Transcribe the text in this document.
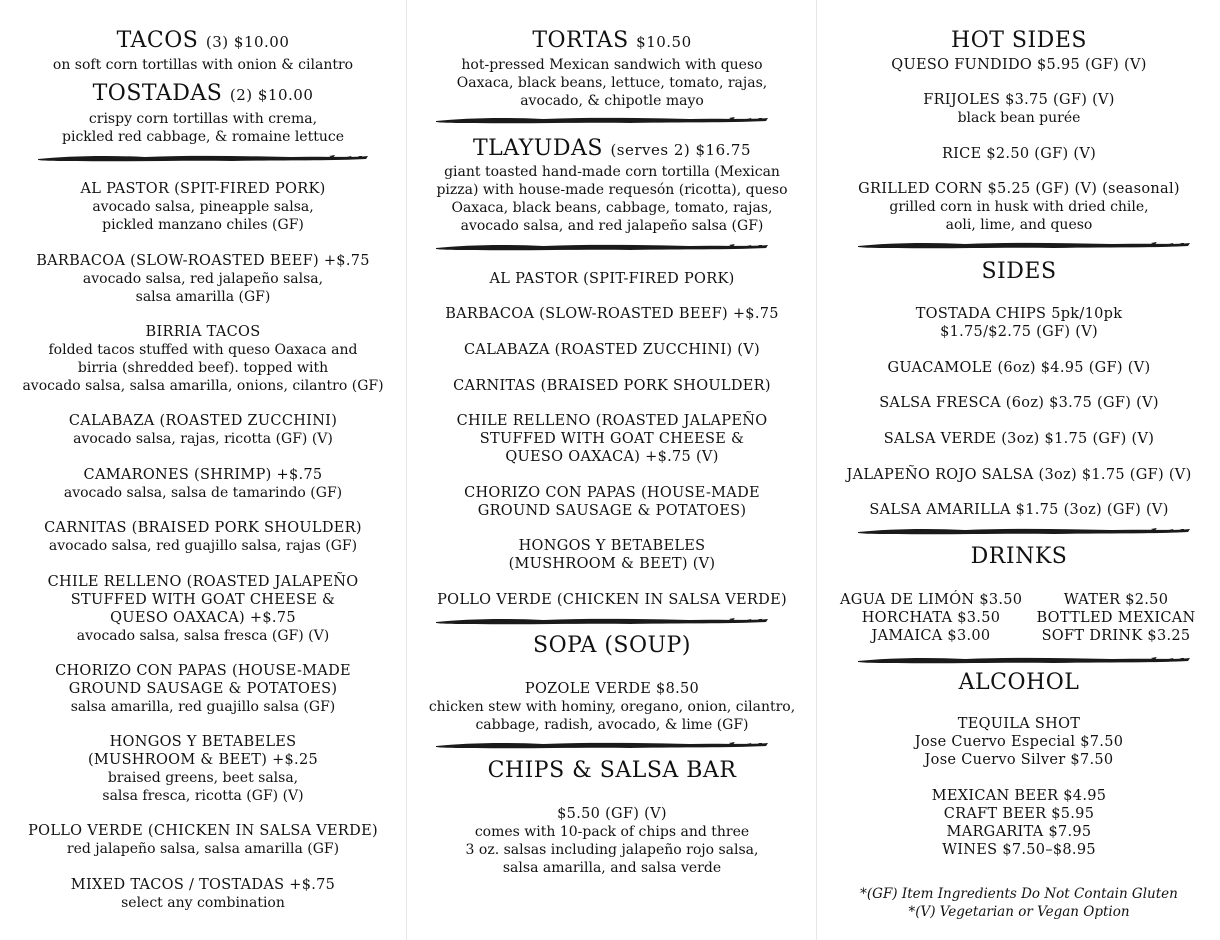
TACOS (3) $10.00
on soft corn tortillas with onion & cilantro
TOSTADAS (2) $10.00
crispy corn tortillas with crema,
pickled red cabbage, & romaine lettuce
AL PASTOR (SPIT-FIRED PORK)
avocado salsa, pineapple salsa,
pickled manzano chiles (GF)
BARBACOA (SLOW-ROASTED BEEF) +$.75
avocado salsa, red jalapeño salsa,
salsa amarilla (GF)
BIRRIA TACOS
folded tacos stuffed with queso Oaxaca and
birria (shredded beef). topped with
avocado salsa, salsa amarilla, onions, cilantro (GF)
CALABAZA (ROASTED ZUCCHINI)
avocado salsa, rajas, ricotta (GF) (V)
CAMARONES (SHRIMP) +$.75
avocado salsa, salsa de tamarindo (GF)
CARNITAS (BRAISED PORK SHOULDER)
avocado salsa, red guajillo salsa, rajas (GF)
CHILE RELLENO (ROASTED JALAPEÑO
STUFFED WITH GOAT CHEESE &
QUESO OAXACA) +$.75
avocado salsa, salsa fresca (GF) (V)
CHORIZO CON PAPAS (HOUSE-MADE
GROUND SAUSAGE & POTATOES)
salsa amarilla, red guajillo salsa (GF)
HONGOS Y BETABELES
(MUSHROOM & BEET) +$.25
braised greens, beet salsa,
salsa fresca, ricotta (GF) (V)
POLLO VERDE (CHICKEN IN SALSA VERDE)
red jalapeño salsa, salsa amarilla (GF)
MIXED TACOS / TOSTADAS +$.75
select any combination
TORTAS $10.50
hot-pressed Mexican sandwich with queso
Oaxaca, black beans, lettuce, tomato, rajas,
avocado, & chipotle mayo
TLAYUDAS (serves 2) $16.75
giant toasted hand-made corn tortilla (Mexican
pizza) with house-made requesón (ricotta), queso
Oaxaca, black beans, cabbage, tomato, rajas,
avocado salsa, and red jalapeño salsa (GF)
AL PASTOR (SPIT-FIRED PORK)
BARBACOA (SLOW-ROASTED BEEF) +$.75
CALABAZA (ROASTED ZUCCHINI) (V)
CARNITAS (BRAISED PORK SHOULDER)
CHILE RELLENO (ROASTED JALAPEÑO
STUFFED WITH GOAT CHEESE &
QUESO OAXACA) +$.75 (V)
CHORIZO CON PAPAS (HOUSE-MADE
GROUND SAUSAGE & POTATOES)
HONGOS Y BETABELES
(MUSHROOM & BEET) (V)
POLLO VERDE (CHICKEN IN SALSA VERDE)
SOPA (SOUP)
POZOLE VERDE $8.50
chicken stew with hominy, oregano, onion, cilantro,
cabbage, radish, avocado, & lime (GF)
CHIPS & SALSA BAR
$5.50 (GF) (V)
comes with 10-pack of chips and three
3 oz. salsas including jalapeño rojo salsa,
salsa amarilla, and salsa verde
HOT SIDES
QUESO FUNDIDO $5.95 (GF) (V)
FRIJOLES $3.75 (GF) (V)
black bean purée
RICE $2.50 (GF) (V)
GRILLED CORN $5.25 (GF) (V) (seasonal)
grilled corn in husk with dried chile,
aoli, lime, and queso
SIDES
TOSTADA CHIPS 5pk/10pk
$1.75/$2.75 (GF) (V)
GUACAMOLE (6oz) $4.95 (GF) (V)
SALSA FRESCA (6oz) $3.75 (GF) (V)
SALSA VERDE (3oz) $1.75 (GF) (V)
JALAPEÑO ROJO SALSA (3oz) $1.75 (GF) (V)
SALSA AMARILLA $1.75 (3oz) (GF) (V)
DRINKS
AGUA DE LIMÓN $3.50
HORCHATA $3.50
JAMAICA $3.00
WATER $2.50
BOTTLED MEXICAN
SOFT DRINK $3.25
ALCOHOL
TEQUILA SHOT
Jose Cuervo Especial $7.50
Jose Cuervo Silver $7.50
MEXICAN BEER $4.95
CRAFT BEER $5.95
MARGARITA $7.95
WINES $7.50–$8.95
*(GF) Item Ingredients Do Not Contain Gluten
*(V) Vegetarian or Vegan Option
